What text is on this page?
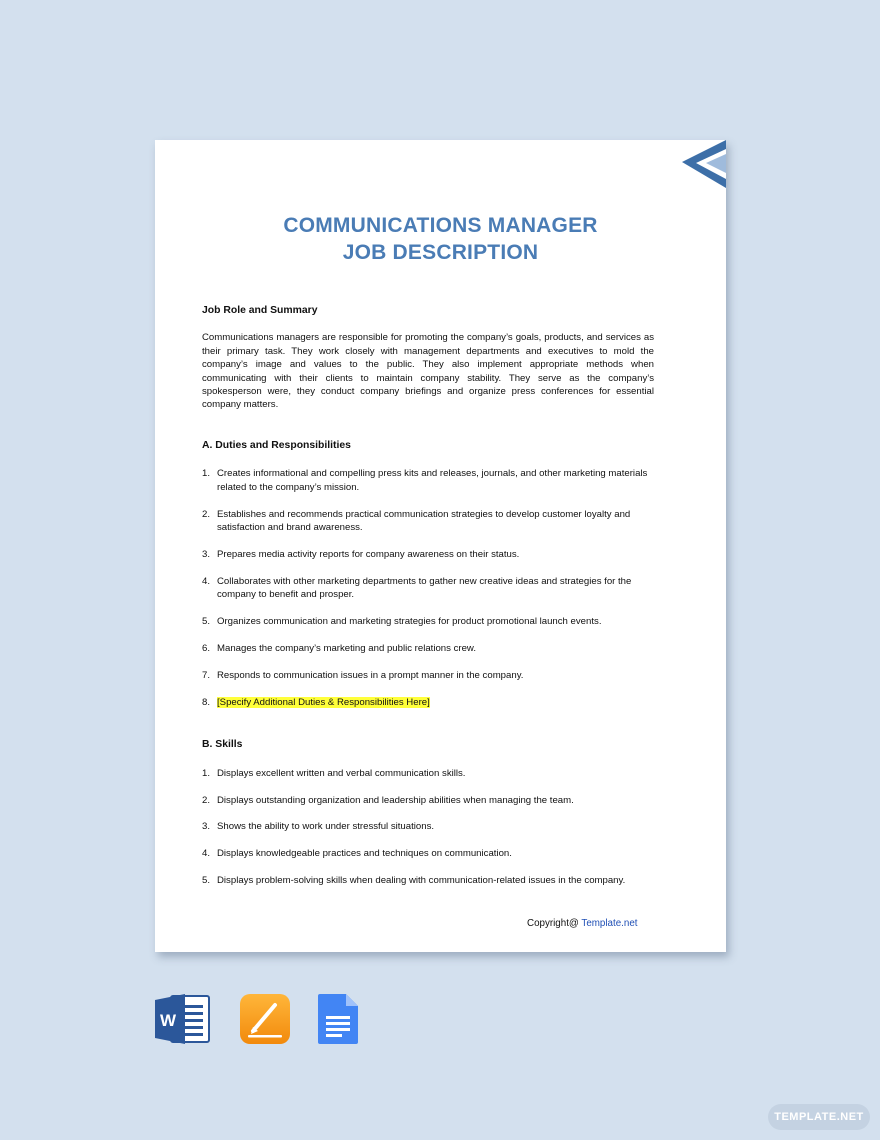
COMMUNICATIONS MANAGER
JOB DESCRIPTION

Job Role and Summary

Communications managers are responsible for promoting the company’s goals, products, and services as their primary task. They work closely with management departments and executives to mold the company’s image and values to the public. They also implement appropriate methods when communicating with their clients to maintain company stability. They serve as the company’s spokesperson were, they conduct company briefings and organize press conferences for essential company matters.

A. Duties and Responsibilities

1. Creates informational and compelling press kits and releases, journals, and other marketing materials related to the company’s mission.
2. Establishes and recommends practical communication strategies to develop customer loyalty and satisfaction and brand awareness.
3. Prepares media activity reports for company awareness on their status.
4. Collaborates with other marketing departments to gather new creative ideas and strategies for the company to benefit and prosper.
5. Organizes communication and marketing strategies for product promotional launch events.
6. Manages the company’s marketing and public relations crew.
7. Responds to communication issues in a prompt manner in the company.
8. [Specify Additional Duties & Responsibilities Here]

B. Skills

1. Displays excellent written and verbal communication skills.
2. Displays outstanding organization and leadership abilities when managing the team.
3. Shows the ability to work under stressful situations.
4. Displays knowledgeable practices and techniques on communication.
5. Displays problem-solving skills when dealing with communication-related issues in the company.
Copyright@ Template.net
W
TEMPLATE.NET
